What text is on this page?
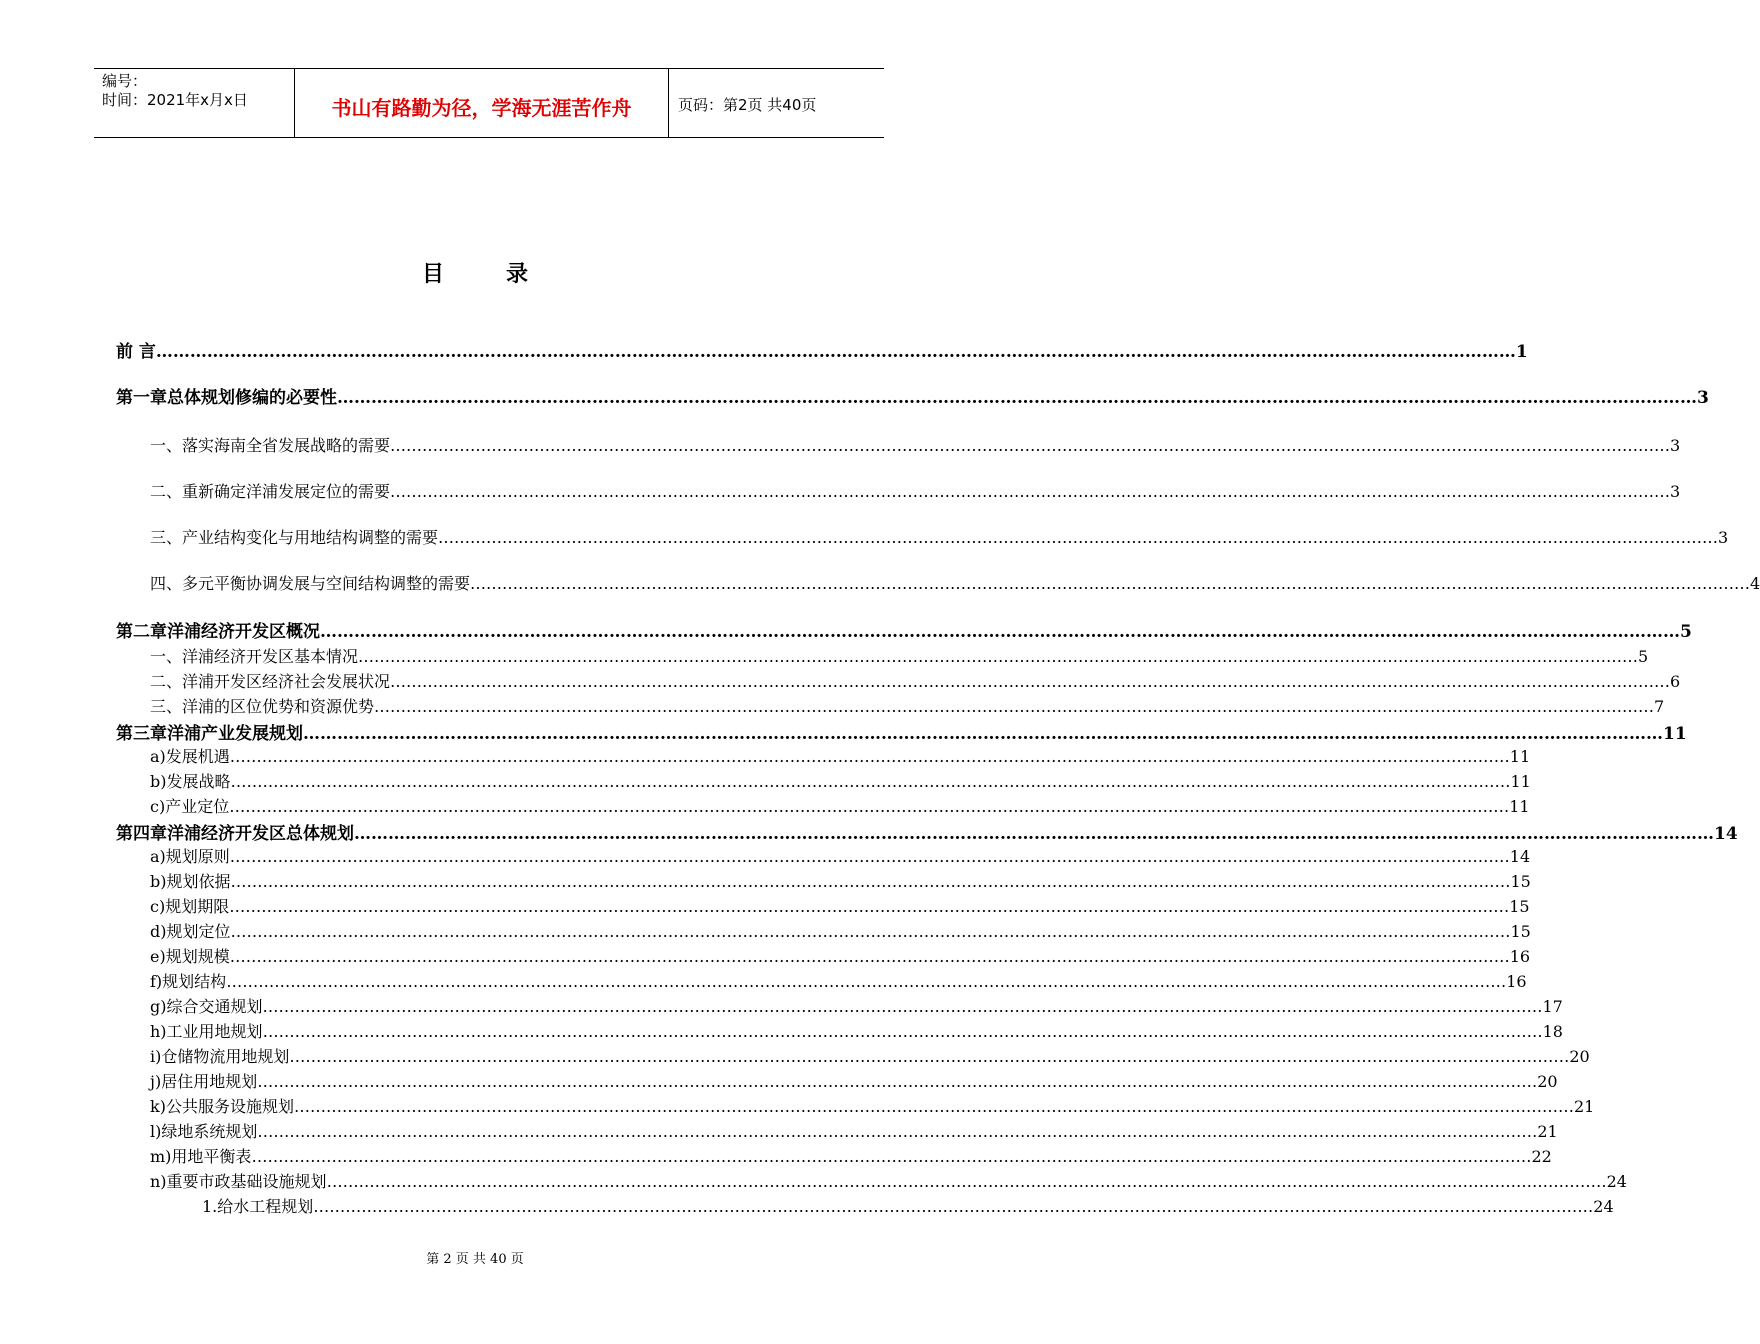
编号：
时间：2021年x月x日	书山有路勤为径，学海无涯苦作舟	页码：第2页 共40页
目录
前 言 …………………………………………………………………………………………………………………………………………………………………………………………………………………… 1
第一章 总体规划修编的必要性 …………………………………………………………………………………………………………………………………………………………………………………………………………………… 3
一、 落实海南全省发展战略的需要 …………………………………………………………………………………………………………………………………………………………………………………………………………………… 3
二、 重新确定洋浦发展定位的需要 …………………………………………………………………………………………………………………………………………………………………………………………………………………… 3
三、 产业结构变化与用地结构调整的需要 …………………………………………………………………………………………………………………………………………………………………………………………………………………… 3
四、 多元平衡协调发展与空间结构调整的需要 …………………………………………………………………………………………………………………………………………………………………………………………………………………… 4
第二章 洋浦经济开发区概况 …………………………………………………………………………………………………………………………………………………………………………………………………………………… 5
一、 洋浦经济开发区基本情况 …………………………………………………………………………………………………………………………………………………………………………………………………………………… 5
二、 洋浦开发区经济社会发展状况 …………………………………………………………………………………………………………………………………………………………………………………………………………………… 6
三、 洋浦的区位优势和资源优势 …………………………………………………………………………………………………………………………………………………………………………………………………………………… 7
第三章 洋浦产业发展规划 …………………………………………………………………………………………………………………………………………………………………………………………………………………… 11
a) 发展机遇 …………………………………………………………………………………………………………………………………………………………………………………………………………………… 11
b) 发展战略 …………………………………………………………………………………………………………………………………………………………………………………………………………………… 11
c) 产业定位 …………………………………………………………………………………………………………………………………………………………………………………………………………………… 11
第四章 洋浦经济开发区总体规划 …………………………………………………………………………………………………………………………………………………………………………………………………………………… 14
a) 规划原则 …………………………………………………………………………………………………………………………………………………………………………………………………………………… 14
b) 规划依据 …………………………………………………………………………………………………………………………………………………………………………………………………………………… 15
c) 规划期限 …………………………………………………………………………………………………………………………………………………………………………………………………………………… 15
d) 规划定位 …………………………………………………………………………………………………………………………………………………………………………………………………………………… 15
e) 规划规模 …………………………………………………………………………………………………………………………………………………………………………………………………………………… 16
f) 规划结构 …………………………………………………………………………………………………………………………………………………………………………………………………………………… 16
g) 综合交通规划 …………………………………………………………………………………………………………………………………………………………………………………………………………………… 17
h) 工业用地规划 …………………………………………………………………………………………………………………………………………………………………………………………………………………… 18
i) 仓储物流用地规划 …………………………………………………………………………………………………………………………………………………………………………………………………………………… 20
j) 居住用地规划 …………………………………………………………………………………………………………………………………………………………………………………………………………………… 20
k) 公共服务设施规划 …………………………………………………………………………………………………………………………………………………………………………………………………………………… 21
l) 绿地系统规划 …………………………………………………………………………………………………………………………………………………………………………………………………………………… 21
m) 用地平衡表 …………………………………………………………………………………………………………………………………………………………………………………………………………………… 22
n) 重要市政基础设施规划 …………………………………………………………………………………………………………………………………………………………………………………………………………………… 24
1. 给水工程规划 …………………………………………………………………………………………………………………………………………………………………………………………………………………… 24
第 2 页 共 40 页
